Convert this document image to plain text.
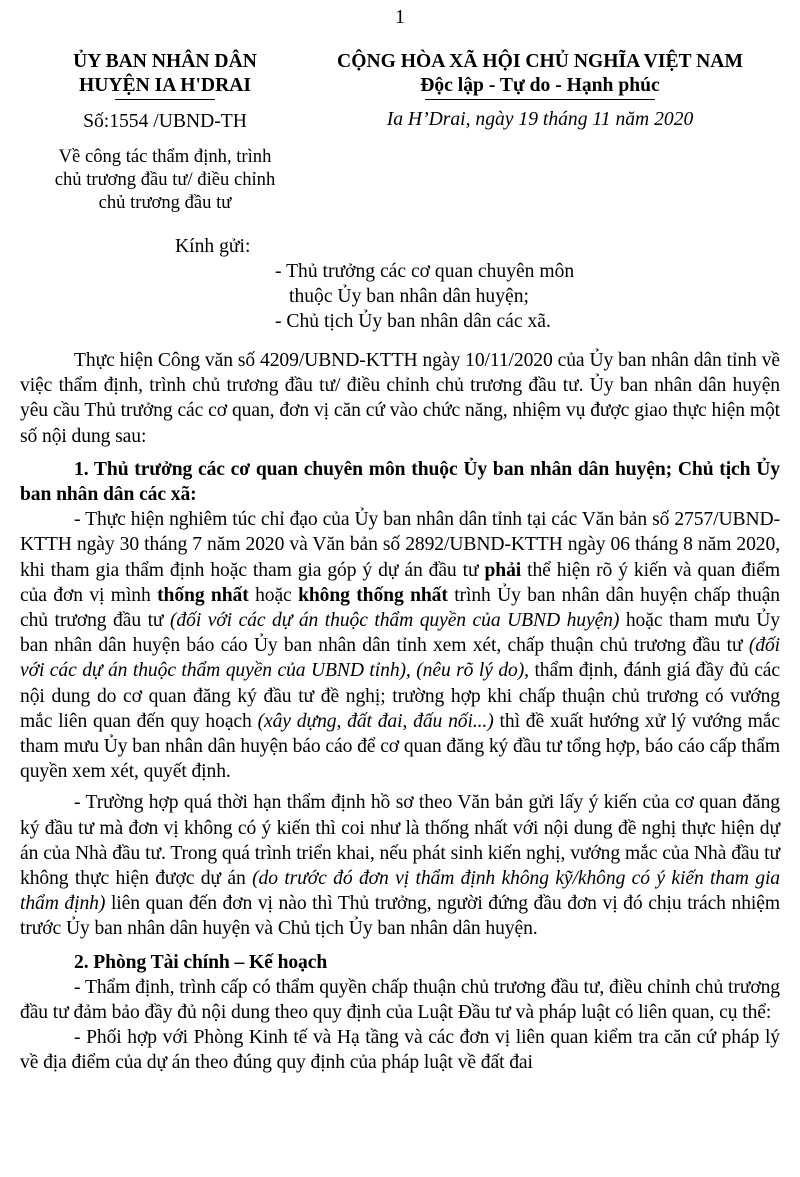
1
ỦY BAN NHÂN DÂN
HUYỆN IA H'DRAI
Số:1554 /UBND-TH
Về công tác thẩm định, trình
chủ trương đầu tư/ điều chỉnh
chủ trương đầu tư
CỘNG HÒA XÃ HỘI CHỦ NGHĨA VIỆT NAM
Độc lập - Tự do - Hạnh phúc
Ia H’Drai, ngày 19 tháng 11 năm 2020
Kính gửi:
- Thủ trưởng các cơ quan chuyên môn
thuộc Ủy ban nhân dân huyện;
- Chủ tịch Ủy ban nhân dân các xã.

Thực hiện Công văn số 4209/UBND-KTTH ngày 10/11/2020 của Ủy ban nhân dân tỉnh về việc thẩm định, trình chủ trương đầu tư/ điều chỉnh chủ trương đầu tư. Ủy ban nhân dân huyện yêu cầu Thủ trưởng các cơ quan, đơn vị căn cứ vào chức năng, nhiệm vụ được giao thực hiện một số nội dung sau:

1. Thủ trưởng các cơ quan chuyên môn thuộc Ủy ban nhân dân huyện; Chủ tịch Ủy ban nhân dân các xã:

- Thực hiện nghiêm túc chỉ đạo của Ủy ban nhân dân tỉnh tại các Văn bản số 2757/UBND-KTTH ngày 30 tháng 7 năm 2020 và Văn bản số 2892/UBND-KTTH ngày 06 tháng 8 năm 2020, khi tham gia thẩm định hoặc tham gia góp ý dự án đầu tư phải thể hiện rõ ý kiến và quan điểm của đơn vị mình thống nhất hoặc không thống nhất trình Ủy ban nhân dân huyện chấp thuận chủ trương đầu tư (đối với các dự án thuộc thẩm quyền của UBND huyện) hoặc tham mưu Ủy ban nhân dân huyện báo cáo Ủy ban nhân dân tỉnh xem xét, chấp thuận chủ trương đầu tư (đối với các dự án thuộc thẩm quyền của UBND tỉnh), (nêu rõ lý do), thẩm định, đánh giá đầy đủ các nội dung do cơ quan đăng ký đầu tư đề nghị; trường hợp khi chấp thuận chủ trương có vướng mắc liên quan đến quy hoạch (xây dựng, đất đai, đấu nối...) thì đề xuất hướng xử lý vướng mắc tham mưu Ủy ban nhân dân huyện báo cáo để cơ quan đăng ký đầu tư tổng hợp, báo cáo cấp thẩm quyền xem xét, quyết định.

- Trường hợp quá thời hạn thẩm định hồ sơ theo Văn bản gửi lấy ý kiến của cơ quan đăng ký đầu tư mà đơn vị không có ý kiến thì coi như là thống nhất với nội dung đề nghị thực hiện dự án của Nhà đầu tư. Trong quá trình triển khai, nếu phát sinh kiến nghị, vướng mắc của Nhà đầu tư không thực hiện được dự án (do trước đó đơn vị thẩm định không kỹ/không có ý kiến tham gia thẩm định) liên quan đến đơn vị nào thì Thủ trưởng, người đứng đầu đơn vị đó chịu trách nhiệm trước Ủy ban nhân dân huyện và Chủ tịch Ủy ban nhân dân huyện.

2. Phòng Tài chính – Kế hoạch

- Thẩm định, trình cấp có thẩm quyền chấp thuận chủ trương đầu tư, điều chỉnh chủ trương đầu tư đảm bảo đầy đủ nội dung theo quy định của Luật Đầu tư và pháp luật có liên quan, cụ thể:

- Phối hợp với Phòng Kinh tế và Hạ tầng và các đơn vị liên quan kiểm tra căn cứ pháp lý về địa điểm của dự án theo đúng quy định của pháp luật về đất đai
